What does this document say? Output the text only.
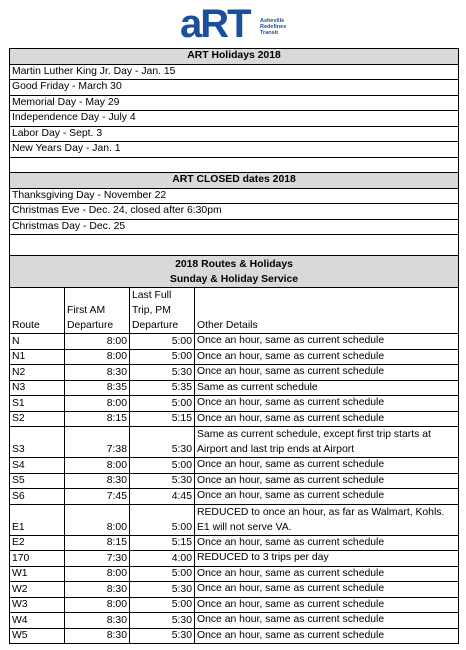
aRT Asheville
Redefines
Transit
ART Holidays 2018			
Martin Luther King Jr. Day - Jan. 15			
Good Friday - March 30			
Memorial Day - May 29			
Independence Day - July 4			
Labor Day - Sept. 3			
New Years Day - Jan. 1			

ART CLOSED dates 2018			
Thanksgiving Day - November 22			
Christmas Eve - Dec. 24, closed after 6:30pm			
Christmas Day - Dec. 25			

2018 Routes & Holidays			
Sunday & Holiday Service			
Route	First AM Departure	Last Full Trip, PM Departure	Other Details
N	8:00	5:00	Once an hour, same as current schedule
N1	8:00	5:00	Once an hour, same as current schedule
N2	8:30	5:30	Once an hour, same as current schedule
N3	8:35	5:35	Same as current schedule
S1	8:00	5:00	Once an hour, same as current schedule
S2	8:15	5:15	Once an hour, same as current schedule
S3	7:38	5:30	Same as current schedule, except first trip starts at Airport and last trip ends at Airport
S4	8:00	5:00	Once an hour, same as current schedule
S5	8:30	5:30	Once an hour, same as current schedule
S6	7:45	4:45	Once an hour, same as current schedule
E1	8:00	5:00	REDUCED to once an hour, as far as Walmart, Kohls. E1 will not serve VA.
E2	8:15	5:15	Once an hour, same as current schedule
170	7:30	4:00	REDUCED to 3 trips per day
W1	8:00	5:00	Once an hour, same as current schedule
W2	8:30	5:30	Once an hour, same as current schedule
W3	8:00	5:00	Once an hour, same as current schedule
W4	8:30	5:30	Once an hour, same as current schedule
W5	8:30	5:30	Once an hour, same as current schedule
